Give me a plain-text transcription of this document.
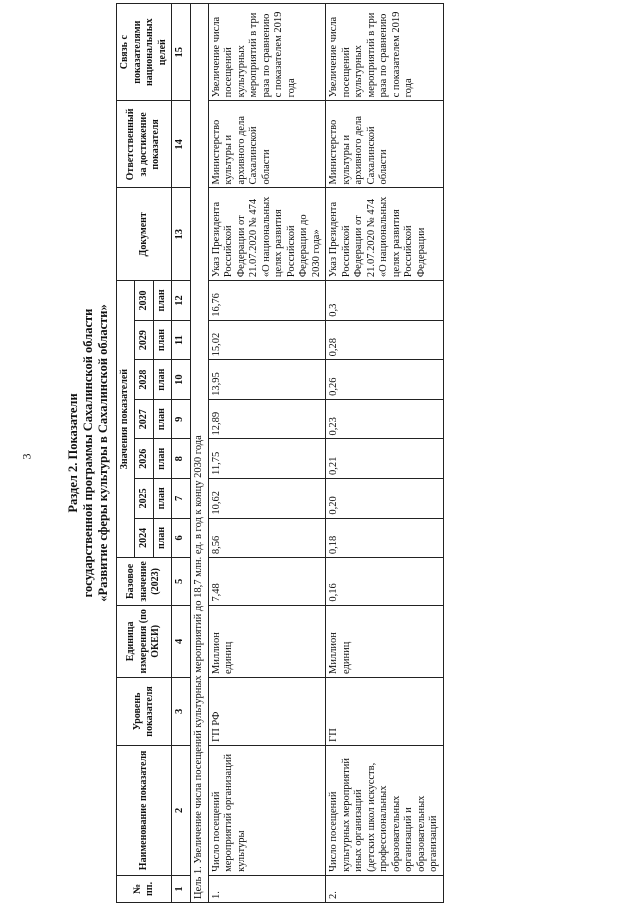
3	Раздел 2. Показатели государственной программы Сахалинской области «Развитие сферы культуры в Сахалинской области»
№ пп.	Наименование показателя	Уровень показателя	Единица измерения (по ОКЕИ)	Базовое значение (2023)	Значения показателей							Документ	Ответственный за достижение показателя	Связь с показателями национальных целей
					2024	2025	2026	2027	2028	2029	2030			
					план	план	план	план	план	план	план			
1	2	3	4	5	6	7	8	9	10	11	12	13	14	15
Цель 1. Увеличение числа посещений культурных мероприятий до 18,7 млн. ед. в год к концу 2030 года														
1.	Число посещений мероприятий организаций культуры	ГП РФ	Миллион единиц	7,48	8,56	10,62	11,75	12,89	13,95	15,02	16,76	Указ Президента Российской Федерации от 21.07.2020 № 474 «О национальных целях развития Российской Федерации до 2030 года»	Министерство культуры и архивного дела Сахалинской области	Увеличение числа посещений культурных мероприятий в три раза по сравнению с показателем 2019 года
2.	Число посещений культурных мероприятий иных организаций (детских школ искусств, профессиональных образовательных организаций и образовательных организаций	ГП	Миллион единиц	0,16	0,18	0,20	0,21	0,23	0,26	0,28	0,3	Указ Президента Российской Федерации от 21.07.2020 № 474 «О национальных целях развития Российской Федерации	Министерство культуры и архивного дела Сахалинской области	Увеличение числа посещений культурных мероприятий в три раза по сравнению с показателем 2019 года
